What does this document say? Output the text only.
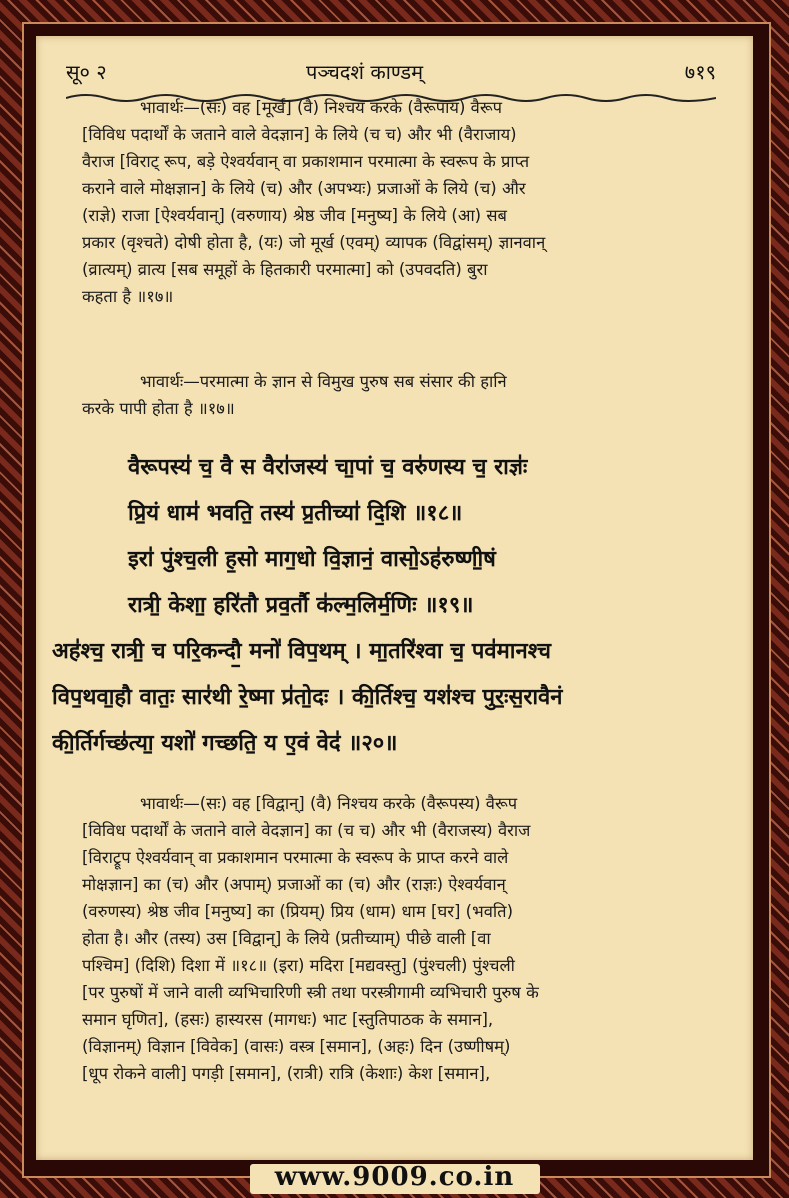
सू० २	पञ्चदशं काण्डम्	७१९
भावार्थः—(सः) वह [मूर्ख] (वै) निश्चय करके (वैरूपाय) वैरूप
[विविध पदार्थों के जताने वाले वेदज्ञान] के लिये (च च) और भी (वैराजाय)
वैराज [विराट् रूप, बड़े ऐश्वर्यवान् वा प्रकाशमान परमात्मा के स्वरूप के प्राप्त
कराने वाले मोक्षज्ञान] के लिये (च) और (अपभ्यः) प्रजाओं के लिये (च) और
(राज्ञे) राजा [ऐश्वर्यवान्] (वरुणाय) श्रेष्ठ जीव [मनुष्य] के लिये (आ) सब
प्रकार (वृश्चते) दोषी होता है, (यः) जो मूर्ख (एवम्) व्यापक (विद्वांसम्) ज्ञानवान्
(व्रात्यम्) व्रात्य [सब समूहों के हितकारी परमात्मा] को (उपवदति) बुरा
कहता है ॥१७॥
भावार्थः—परमात्मा के ज्ञान से विमुख पुरुष सब संसार की हानि
करके पापी होता है ॥१७॥
वैरूपस्य॑ च॒ वै स वैरा॑जस्य॑ चा॒पां च॒ वरु॑णस्य च॒ राज्ञः॑
प्रि॒यं धाम॑ भवति॒ तस्य॑ प्र॒तीच्या॑ दि॒शि ॥१८॥
इरा॑ पुंश्च॒ली ह॒सो माग॒धो वि॒ज्ञानं॒ वासो॒ऽह॑रुष्णी॒षं
रात्री॒ केशा॒ हरि॑तौ प्रव॒र्तौ क॑ल्म॒लिर्म॒णिः ॥१९॥
अह॑श्च॒ रात्री॒ च परि॒कन्दौ॒ मनो॑ विप॒थम् । मा॒तरि॑श्वा च॒ पव॑मानश्च
विप॒थवा॒हौ वातः॒ सार॑थी रे॒ष्मा प्र॑तो॒दः । की॒र्तिश्च॒ यश॑श्च पुरः॒स॒रावैनं
की॒र्तिर्गच्छ॑त्या॒ यशो॑ गच्छति॒ य ए॒वं वेद॑ ॥२०॥
भावार्थः—(सः) वह [विद्वान्] (वै) निश्चय करके (वैरूपस्य) वैरूप
[विविध पदार्थों के जताने वाले वेदज्ञान] का (च च) और भी (वैराजस्य) वैराज
[विराट्रूप ऐश्वर्यवान् वा प्रकाशमान परमात्मा के स्वरूप के प्राप्त करने वाले
मोक्षज्ञान] का (च) और (अपाम्) प्रजाओं का (च) और (राज्ञः) ऐश्वर्यवान्
(वरुणस्य) श्रेष्ठ जीव [मनुष्य] का (प्रियम्) प्रिय (धाम) धाम [घर] (भवति)
होता है। और (तस्य) उस [विद्वान्] के लिये (प्रतीच्याम्) पीछे वाली [वा
पश्चिम] (दिशि) दिशा में ॥१८॥ (इरा) मदिरा [मद्यवस्तु] (पुंश्चली) पुंश्चली
[पर पुरुषों में जाने वाली व्यभिचारिणी स्त्री तथा परस्त्रीगामी व्यभिचारी पुरुष के
समान घृणित], (हसः) हास्यरस (मागधः) भाट [स्तुतिपाठक के समान],
(विज्ञानम्) विज्ञान [विवेक] (वासः) वस्त्र [समान], (अहः) दिन (उष्णीषम्)
[धूप रोकने वाली] पगड़ी [समान], (रात्री) रात्रि (केशाः) केश [समान],
www.9009.co.in
